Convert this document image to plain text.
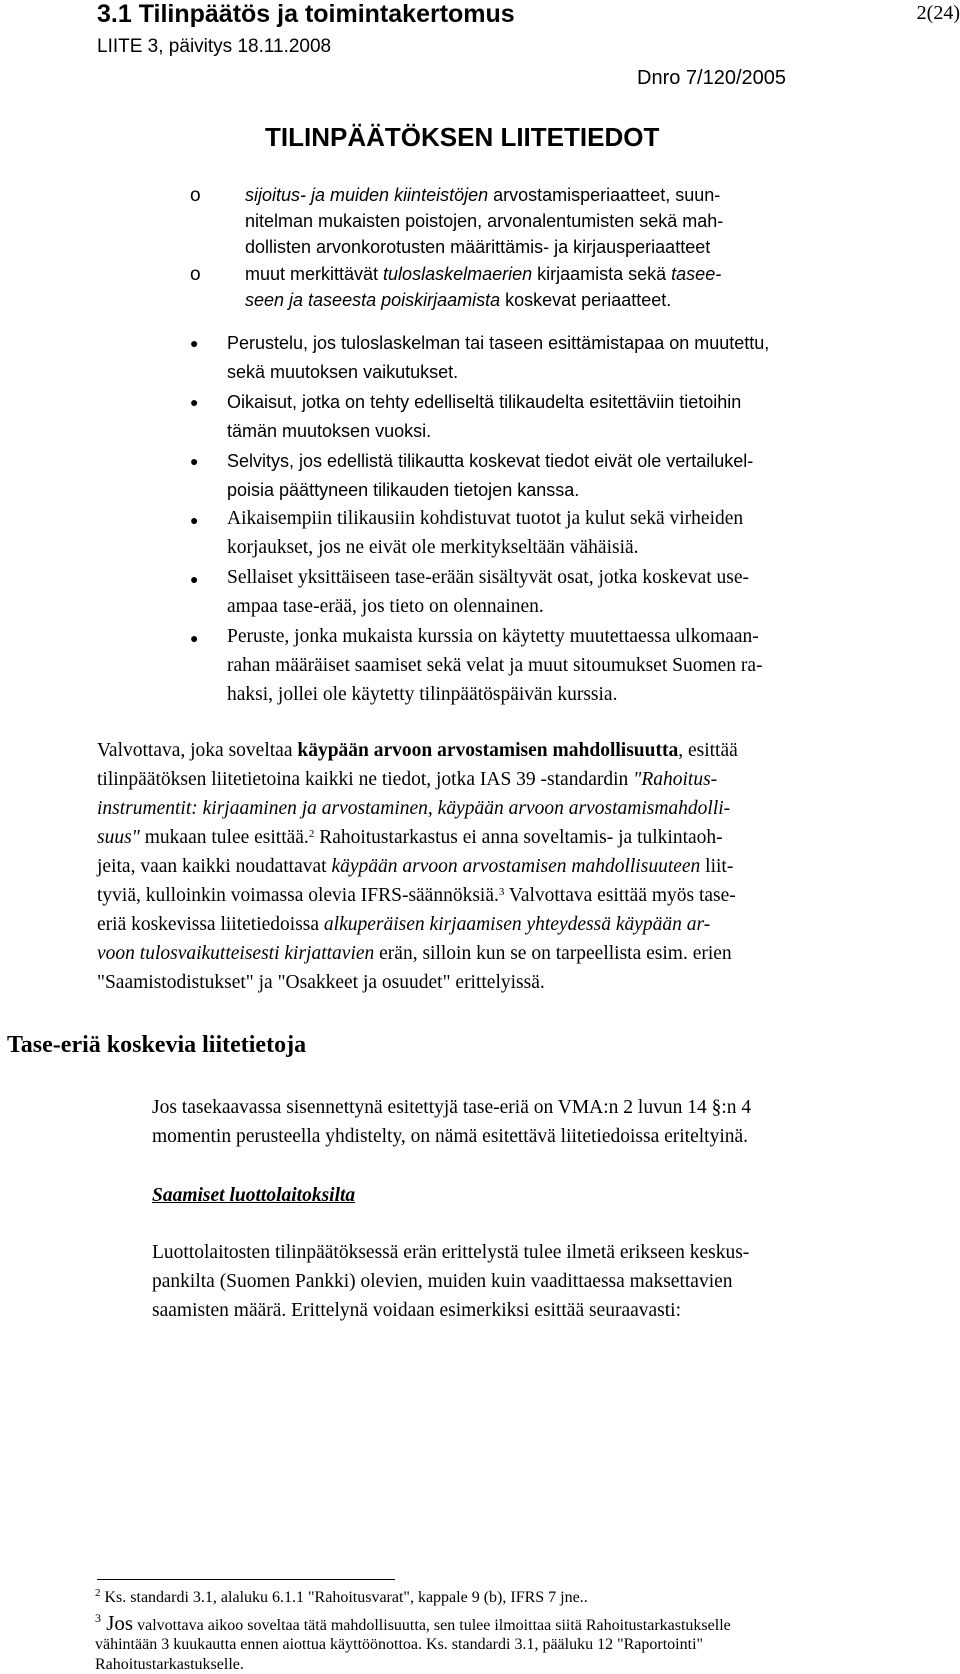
3.1 Tilinpäätös ja toimintakertomus
LIITE 3, päivitys 18.11.2008
2(24)
Dnro 7/120/2005
TILINPÄÄTÖKSEN LIITETIEDOT
o sijoitus- ja muiden kiinteistöjen arvostamisperiaatteet, suun-
nitelman mukaisten poistojen, arvonalentumisten sekä mah-
dollisten arvonkorotusten määrittämis- ja kirjausperiaatteet
o muut merkittävät tuloslaskelmaerien kirjaamista sekä tasee-
seen ja taseesta poiskirjaamista koskevat periaatteet.
● Perustelu, jos tuloslaskelman tai taseen esittämistapaa on muutettu,
sekä muutoksen vaikutukset.
● Oikaisut, jotka on tehty edelliseltä tilikaudelta esitettäviin tietoihin
tämän muutoksen vuoksi.
● Selvitys, jos edellistä tilikautta koskevat tiedot eivät ole vertailukel-
poisia päättyneen tilikauden tietojen kanssa.
● Aikaisempiin tilikausiin kohdistuvat tuotot ja kulut sekä virheiden
korjaukset, jos ne eivät ole merkitykseltään vähäisiä.
● Sellaiset yksittäiseen tase-erään sisältyvät osat, jotka koskevat use-
ampaa tase-erää, jos tieto on olennainen.
● Peruste, jonka mukaista kurssia on käytetty muutettaessa ulkomaan-
rahan määräiset saamiset sekä velat ja muut sitoumukset Suomen ra-
haksi, jollei ole käytetty tilinpäätöspäivän kurssia.
Valvottava, joka soveltaa käypään arvoon arvostamisen mahdollisuutta, esittää
tilinpäätöksen liitetietoina kaikki ne tiedot, jotka IAS 39 -standardin "Rahoitus-
instrumentit: kirjaaminen ja arvostaminen, käypään arvoon arvostamismahdolli-
suus" mukaan tulee esittää.$^2$ Rahoitustarkastus ei anna soveltamis- ja tulkintaoh-
jeita, vaan kaikki noudattavat käypään arvoon arvostamisen mahdollisuuteen liit-
tyviä, kulloinkin voimassa olevia IFRS-säännöksiä.$^3$ Valvottava esittää myös tase-
eriä koskevissa liitetiedoissa alkuperäisen kirjaamisen yhteydessä käypään ar-
voon tulosvaikutteisesti kirjattavien erän, silloin kun se on tarpeellista esim. erien
"Saamistodistukset" ja "Osakkeet ja osuudet" erittelyissä.
Tase-eriä koskevia liitetietoja
Jos tasekaavassa sisennettynä esitettyjä tase-eriä on VMA:n 2 luvun 14 §:n 4
momentin perusteella yhdistelty, on nämä esitettävä liitetiedoissa eriteltyinä.
Saamiset luottolaitoksilta
Luottolaitosten tilinpäätöksessä erän erittelystä tulee ilmetä erikseen keskus-
pankilta (Suomen Pankki) olevien, muiden kuin vaadittaessa maksettavien
saamisten määrä. Erittelynä voidaan esimerkiksi esittää seuraavasti:
$^2$ Ks. standardi 3.1, alaluku 6.1.1 "Rahoitusvarat", kappale 9 (b), IFRS 7 jne..
$^3$ Jos valvottava aikoo soveltaa tätä mahdollisuutta, sen tulee ilmoittaa siitä Rahoitustarkastukselle
vähintään 3 kuukautta ennen aiottua käyttöönottoa. Ks. standardi 3.1, pääluku 12 "Raportointi"
Rahoitustarkastukselle.
